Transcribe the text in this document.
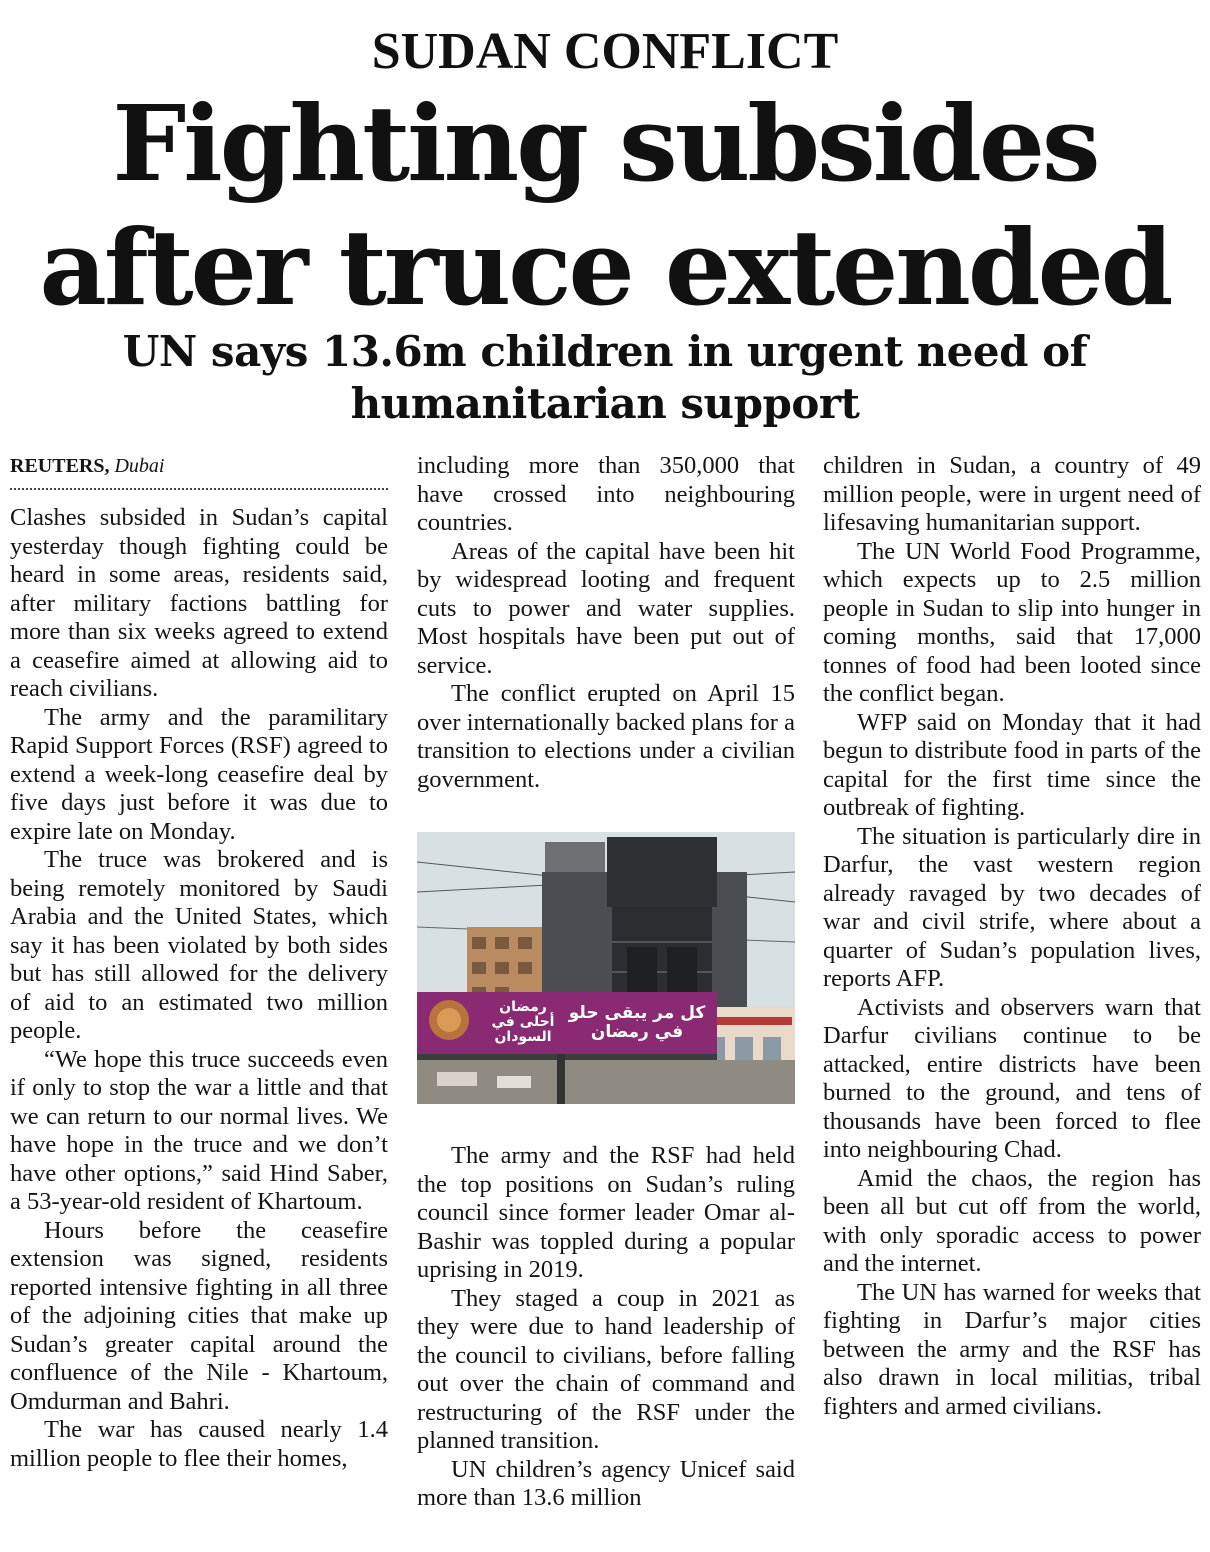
SUDAN CONFLICT
Fighting subsides
after truce extended
UN says 13.6m children in urgent need of
humanitarian support
REUTERS, Dubai

Clashes subsided in Sudan’s capital yesterday though fighting could be heard in some areas, residents said, after military factions battling for more than six weeks agreed to extend a ceasefire aimed at allowing aid to reach civilians.

The army and the paramilitary Rapid Support Forces (RSF) agreed to extend a week-long ceasefire deal by five days just before it was due to expire late on Monday.

The truce was brokered and is being remotely monitored by Saudi Arabia and the United States, which say it has been violated by both sides but has still allowed for the delivery of aid to an estimated two million people.

“We hope this truce succeeds even if only to stop the war a little and that we can return to our normal lives. We have hope in the truce and we don’t have other options,” said Hind Saber, a 53-year-old resident of Khartoum.

Hours before the ceasefire extension was signed, residents reported intensive fighting in all three of the adjoining cities that make up Sudan’s greater capital around the confluence of the Nile - Khartoum, Omdurman and Bahri.

The war has caused nearly 1.4 million people to flee their homes,

including more than 350,000 that have crossed into neighbouring countries.

Areas of the capital have been hit by widespread looting and frequent cuts to power and water supplies. Most hospitals have been put out of service.

The conflict erupted on April 15 over internationally backed plans for a transition to elections under a civilian government.

رمضان
أحلى في
السودان
كل مر يبقى حلو
في رمضان

The army and the RSF had held the top positions on Sudan’s ruling council since former leader Omar al-Bashir was toppled during a popular uprising in 2019.

They staged a coup in 2021 as they were due to hand leadership of the council to civilians, before falling out over the chain of command and restructuring of the RSF under the planned transition.

UN children’s agency Unicef said more than 13.6 million

children in Sudan, a country of 49 million people, were in urgent need of lifesaving humanitarian support.

The UN World Food Programme, which expects up to 2.5 million people in Sudan to slip into hunger in coming months, said that 17,000 tonnes of food had been looted since the conflict began.

WFP said on Monday that it had begun to distribute food in parts of the capital for the first time since the outbreak of fighting.

The situation is particularly dire in Darfur, the vast western region already ravaged by two decades of war and civil strife, where about a quarter of Sudan’s population lives, reports AFP.

Activists and observers warn that Darfur civilians continue to be attacked, entire districts have been burned to the ground, and tens of thousands have been forced to flee into neighbouring Chad.

Amid the chaos, the region has been all but cut off from the world, with only sporadic access to power and the internet.

The UN has warned for weeks that fighting in Darfur’s major cities between the army and the RSF has also drawn in local militias, tribal fighters and armed civilians.
